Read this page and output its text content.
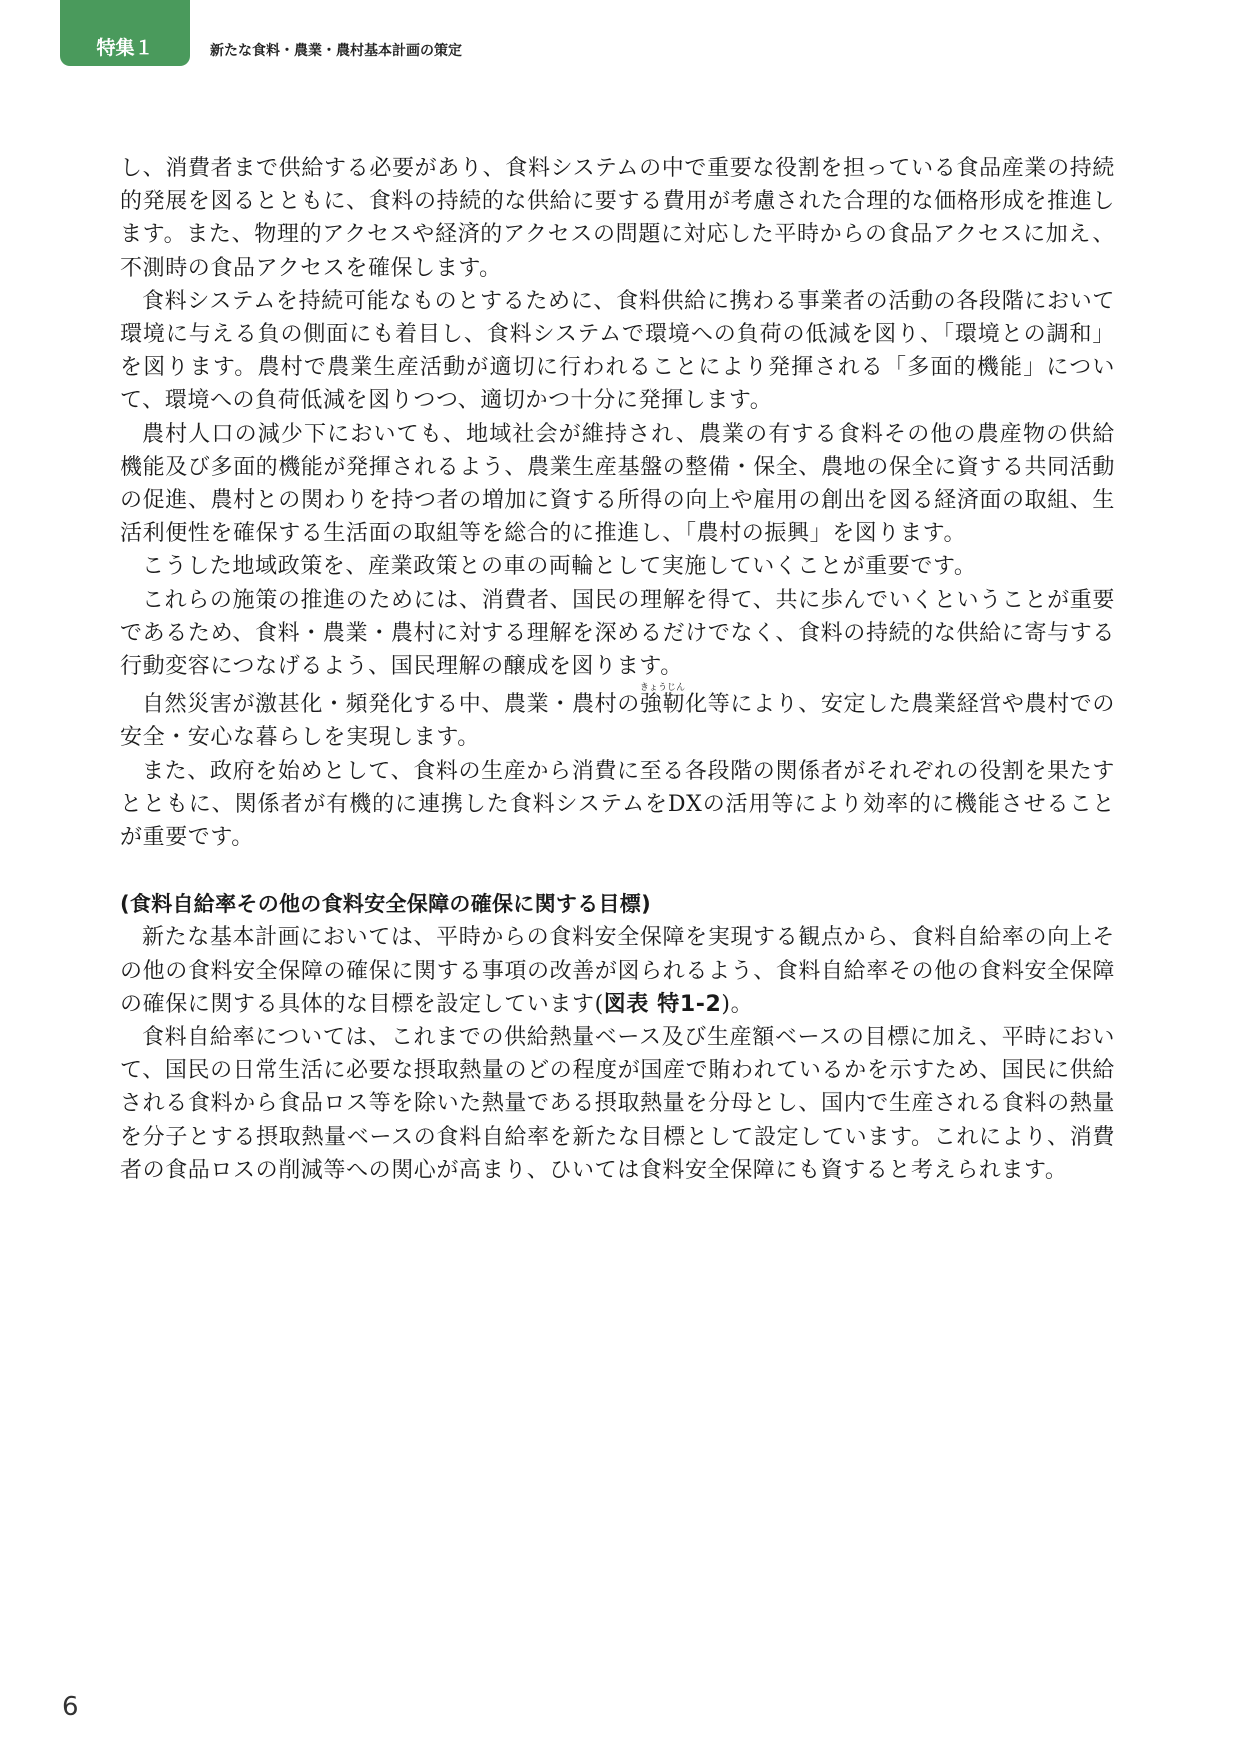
特集１	新たな食料・農業・農村基本計画の策定

し、消費者まで供給する必要があり、食料システムの中で重要な役割を担っている食品産業の持続的発展を図るとともに、食料の持続的な供給に要する費用が考慮された合理的な価格形成を推進します。また、物理的アクセスや経済的アクセスの問題に対応した平時からの食品アクセスに加え、不測時の食品アクセスを確保します。

食料システムを持続可能なものとするために、食料供給に携わる事業者の活動の各段階において環境に与える負の側面にも着目し、食料システムで環境への負荷の低減を図り、「環境との調和」を図ります。農村で農業生産活動が適切に行われることにより発揮される「多面的機能」について、環境への負荷低減を図りつつ、適切かつ十分に発揮します。

農村人口の減少下においても、地域社会が維持され、農業の有する食料その他の農産物の供給機能及び多面的機能が発揮されるよう、農業生産基盤の整備・保全、農地の保全に資する共同活動の促進、農村との関わりを持つ者の増加に資する所得の向上や雇用の創出を図る経済面の取組、生活利便性を確保する生活面の取組等を総合的に推進し、「農村の振興」を図ります。

こうした地域政策を、産業政策との車の両輪として実施していくことが重要です。

これらの施策の推進のためには、消費者、国民の理解を得て、共に歩んでいくということが重要であるため、食料・農業・農村に対する理解を深めるだけでなく、食料の持続的な供給に寄与する行動変容につなげるよう、国民理解の醸成を図ります。

自然災害が激甚化・頻発化する中、農業・農村の強靭きょうじん化等により、安定した農業経営や農村での安全・安心な暮らしを実現します。

また、政府を始めとして、食料の生産から消費に至る各段階の関係者がそれぞれの役割を果たすとともに、関係者が有機的に連携した食料システムをDXの活用等により効率的に機能させることが重要です。

(食料自給率その他の食料安全保障の確保に関する目標)

新たな基本計画においては、平時からの食料安全保障を実現する観点から、食料自給率の向上その他の食料安全保障の確保に関する事項の改善が図られるよう、食料自給率その他の食料安全保障の確保に関する具体的な目標を設定しています(図表 特1-2)。

食料自給率については、これまでの供給熱量ベース及び生産額ベースの目標に加え、平時において、国民の日常生活に必要な摂取熱量のどの程度が国産で賄われているかを示すため、国民に供給される食料から食品ロス等を除いた熱量である摂取熱量を分母とし、国内で生産される食料の熱量を分子とする摂取熱量ベースの食料自給率を新たな目標として設定しています。これにより、消費者の食品ロスの削減等への関心が高まり、ひいては食料安全保障にも資すると考えられます。

6
